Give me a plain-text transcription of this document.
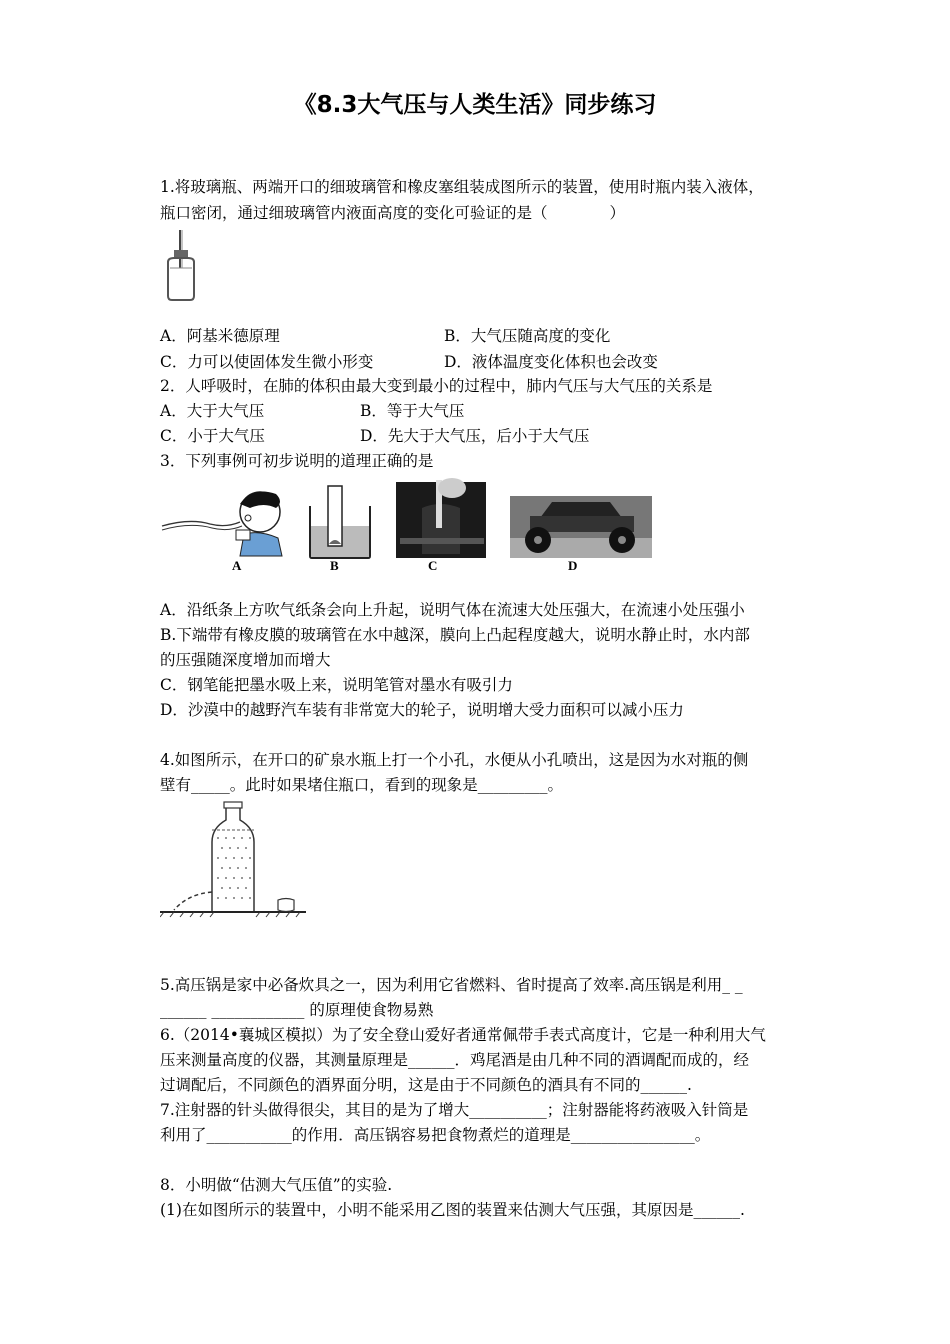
《8.3大气压与人类生活》同步练习
1.将玻璃瓶、两端开口的细玻璃管和橡皮塞组装成图所示的装置，使用时瓶内装入液体，
瓶口密闭，通过细玻璃管内液面高度的变化可验证的是（　　　　）
A．阿基米德原理	B．大气压随高度的变化
C．力可以使固体发生微小形变	D．液体温度变化体积也会改变
2．人呼吸时，在肺的体积由最大变到最小的过程中，肺内气压与大气压的关系是
A．大于大气压	B．等于大气压
C．小于大气压	D．先大于大气压，后小于大气压
3．下列事例可初步说明的道理正确的是
A	B	C	D
A．沿纸条上方吹气纸条会向上升起，说明气体在流速大处压强大，在流速小处压强小
B.下端带有橡皮膜的玻璃管在水中越深，膜向上凸起程度越大，说明水静止时，水内部
的压强随深度增加而增大
C．钢笔能把墨水吸上来，说明笔管对墨水有吸引力
D．沙漠中的越野汽车装有非常宽大的轮子，说明增大受力面积可以减小压力
4.如图所示，在开口的矿泉水瓶上打一个小孔，水便从小孔喷出，这是因为水对瓶的侧
壁有_____。此时如果堵住瓶口，看到的现象是_________。
5.高压锅是家中必备炊具之一，因为利用它省燃料、省时提高了效率.高压锅是利用_ _
______ ____________ 的原理使食物易熟
6.（2014•襄城区模拟）为了安全登山爱好者通常佩带手表式高度计，它是一种利用大气
压来测量高度的仪器，其测量原理是______．鸡尾酒是由几种不同的酒调配而成的，经
过调配后，不同颜色的酒界面分明，这是由于不同颜色的酒具有不同的______.
7.注射器的针头做得很尖，其目的是为了增大__________；注射器能将药液吸入针筒是
利用了___________的作用．高压锅容易把食物煮烂的道理是________________。
8．小明做“估测大气压值”的实验.
(1)在如图所示的装置中，小明不能采用乙图的装置来估测大气压强，其原因是______.
